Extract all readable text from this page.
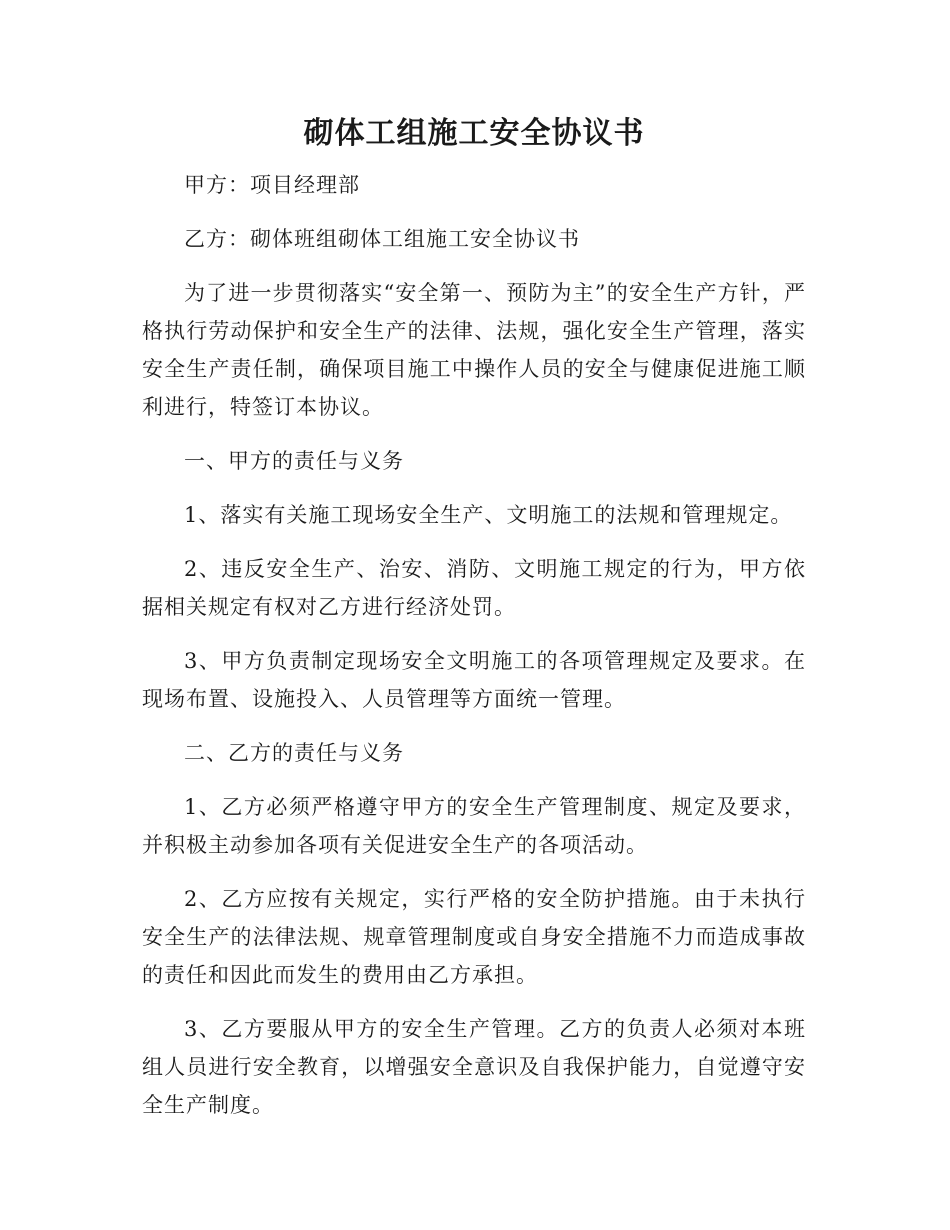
砌体工组施工安全协议书

甲方：项目经理部

乙方：砌体班组砌体工组施工安全协议书

为了进一步贯彻落实“安全第一、预防为主”的安全生产方针，严格执行劳动保护和安全生产的法律、法规，强化安全生产管理，落实安全生产责任制，确保项目施工中操作人员的安全与健康促进施工顺利进行，特签订本协议。

一、甲方的责任与义务

1、落实有关施工现场安全生产、文明施工的法规和管理规定。

2、违反安全生产、治安、消防、文明施工规定的行为，甲方依据相关规定有权对乙方进行经济处罚。

3、甲方负责制定现场安全文明施工的各项管理规定及要求。在现场布置、设施投入、人员管理等方面统一管理。

二、乙方的责任与义务

1、乙方必须严格遵守甲方的安全生产管理制度、规定及要求，并积极主动参加各项有关促进安全生产的各项活动。

2、乙方应按有关规定，实行严格的安全防护措施。由于未执行安全生产的法律法规、规章管理制度或自身安全措施不力而造成事故的责任和因此而发生的费用由乙方承担。

3、乙方要服从甲方的安全生产管理。乙方的负责人必须对本班组人员进行安全教育，以增强安全意识及自我保护能力，自觉遵守安全生产制度。
